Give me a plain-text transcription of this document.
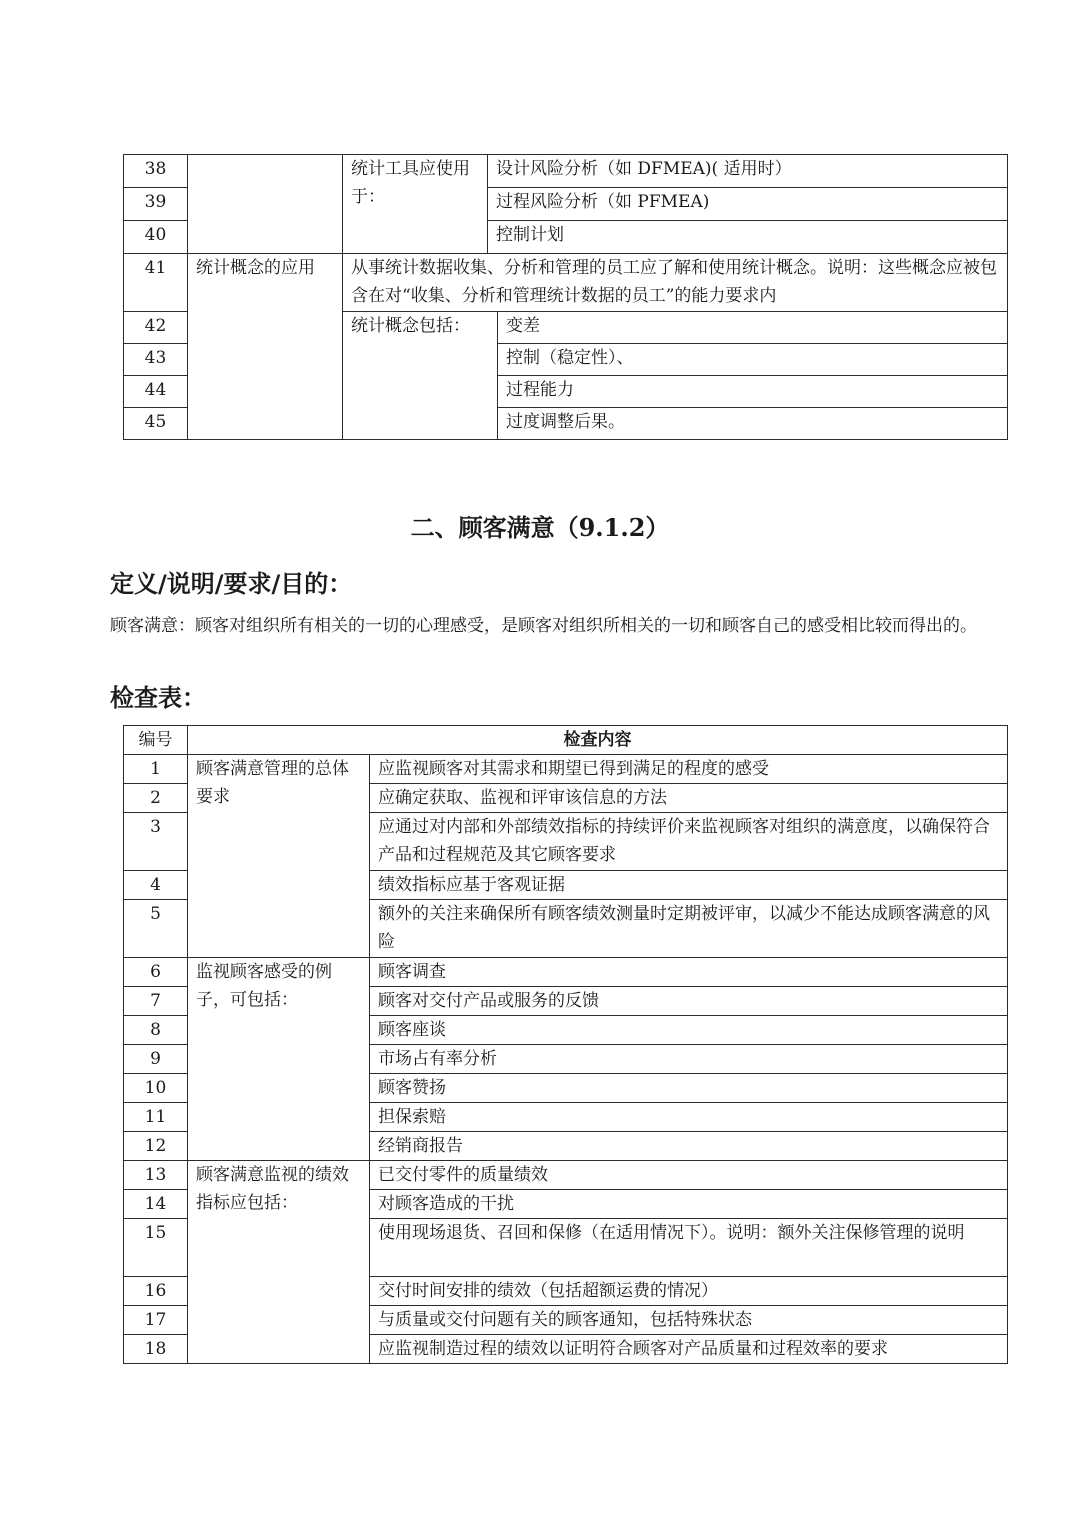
38		统计工具应使用于：	设计风险分析（如 DFMEA)( 适用时）	
39			过程风险分析（如 PFMEA)	
40			控制计划	
41	统计概念的应用	从事统计数据收集、分析和管理的员工应了解和使用统计概念。说明：这些概念应被包含在对“收集、分析和管理统计数据的员工”的能力要求内		
42		统计概念包括：		变差
43				控制（稳定性）、
44				过程能力
45				过度调整后果。
二、顾客满意（9.1.2）
定义/说明/要求/目的：
顾客满意：顾客对组织所有相关的一切的心理感受，是顾客对组织所相关的一切和顾客自己的感受相比较而得出的。
检查表：
编号	检查内容	
1	顾客满意管理的总体要求	应监视顾客对其需求和期望已得到满足的程度的感受
2		应确定获取、监视和评审该信息的方法
3		应通过对内部和外部绩效指标的持续评价来监视顾客对组织的满意度，以确保符合产品和过程规范及其它顾客要求
4		绩效指标应基于客观证据
5		额外的关注来确保所有顾客绩效测量时定期被评审，以减少不能达成顾客满意的风险
6	监视顾客感受的例子，可包括：	顾客调查
7		顾客对交付产品或服务的反馈
8		顾客座谈
9		市场占有率分析
10		顾客赞扬
11		担保索赔
12		经销商报告
13	顾客满意监视的绩效指标应包括：	已交付零件的质量绩效
14		对顾客造成的干扰
15		使用现场退货、召回和保修（在适用情况下）。说明：额外关注保修管理的说明
16		交付时间安排的绩效（包括超额运费的情况）
17		与质量或交付问题有关的顾客通知，包括特殊状态
18		应监视制造过程的绩效以证明符合顾客对产品质量和过程效率的要求
